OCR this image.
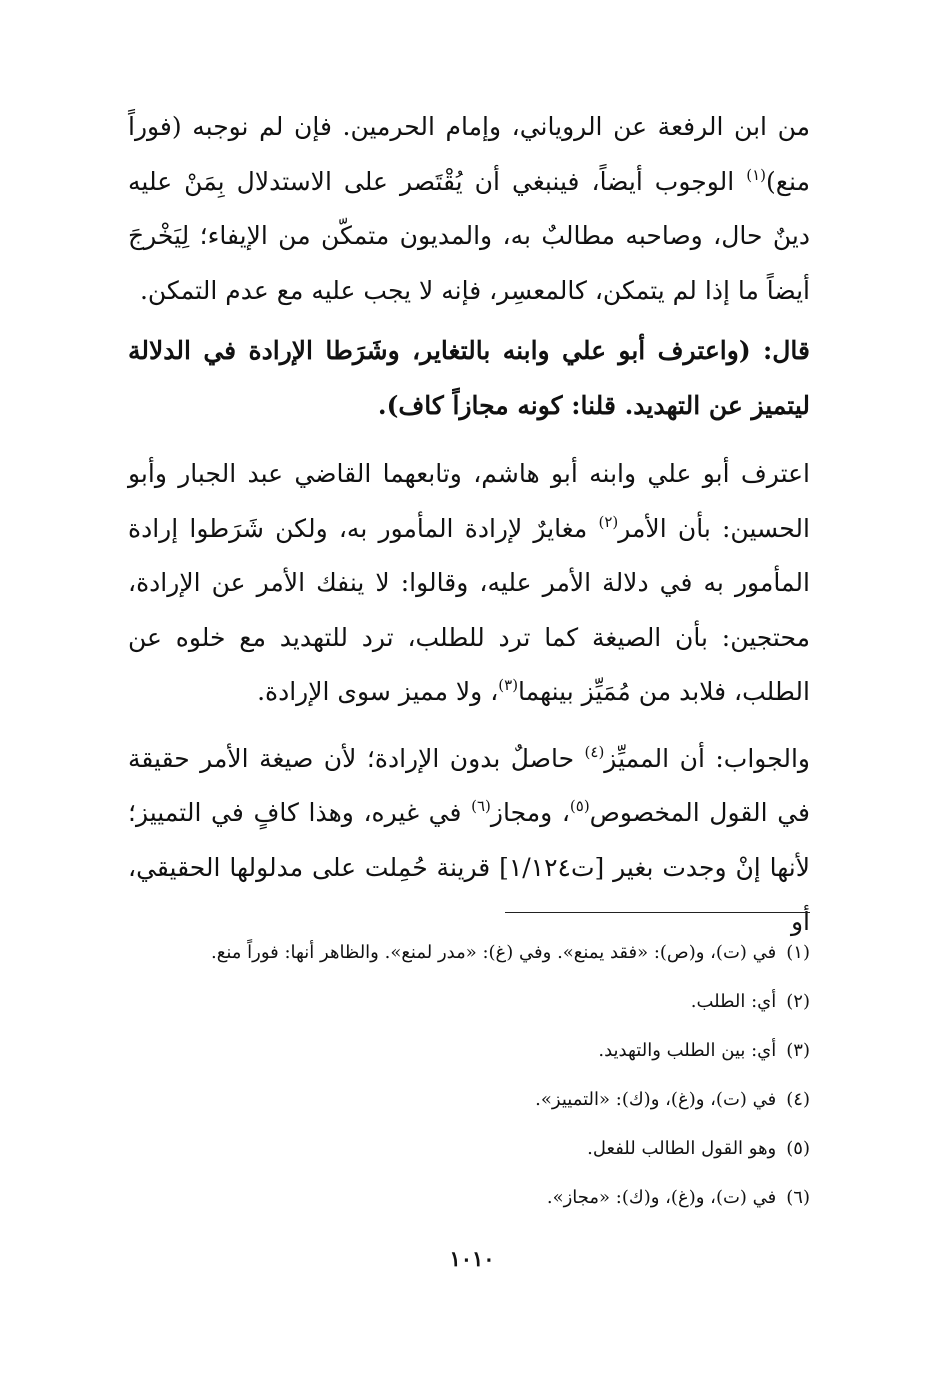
من ابن الرفعة عن الروياني، وإمام الحرمين. فإن لم نوجبه (فوراً منع)$^{(١)}$ الوجوب أيضاً، فينبغي أن يُقْتَصر على الاستدلال بِمَنْ عليه دينٌ حال، وصاحبه مطالبٌ به، والمديون متمكّن من الإيفاء؛ لِيَخْرجَ أيضاً ما إذا لم يتمكن، كالمعسِر، فإنه لا يجب عليه مع عدم التمكن.

قال: (واعترف أبو علي وابنه بالتغاير، وشَرَطا الإرادة في الدلالة ليتميز عن التهديد. قلنا: كونه مجازاً كاف).

اعترف أبو علي وابنه أبو هاشم، وتابعهما القاضي عبد الجبار وأبو الحسين: بأن الأمر$^{(٢)}$ مغايرٌ لإرادة المأمور به، ولكن شَرَطوا إرادة المأمور به في دلالة الأمر عليه، وقالوا: لا ينفك الأمر عن الإرادة، محتجين: بأن الصيغة كما ترد للطلب، ترد للتهديد مع خلوه عن الطلب، فلابد من مُمَيِّز بينهما$^{(٣)}$، ولا مميز سوى الإرادة.

والجواب: أن المميِّز$^{(٤)}$ حاصلٌ بدون الإرادة؛ لأن صيغة الأمر حقيقة في القول المخصوص$^{(٥)}$، ومجاز$^{(٦)}$ في غيره، وهذا كافٍ في التمييز؛ لأنها إنْ وجدت بغير [ت١/١٢٤] قرينة حُمِلت على مدلولها الحقيقي، أو

(١)في (ت)، و(ص): «فقد يمنع». وفي (غ): «مدر لمنع». والظاهر أنها: فوراً منع.
(٢)أي: الطلب.
(٣)أي: بين الطلب والتهديد.
(٤)في (ت)، و(غ)، و(ك): «التمييز».
(٥)وهو القول الطالب للفعل.
(٦)في (ت)، و(غ)، و(ك): «مجاز».
١٠١٠
